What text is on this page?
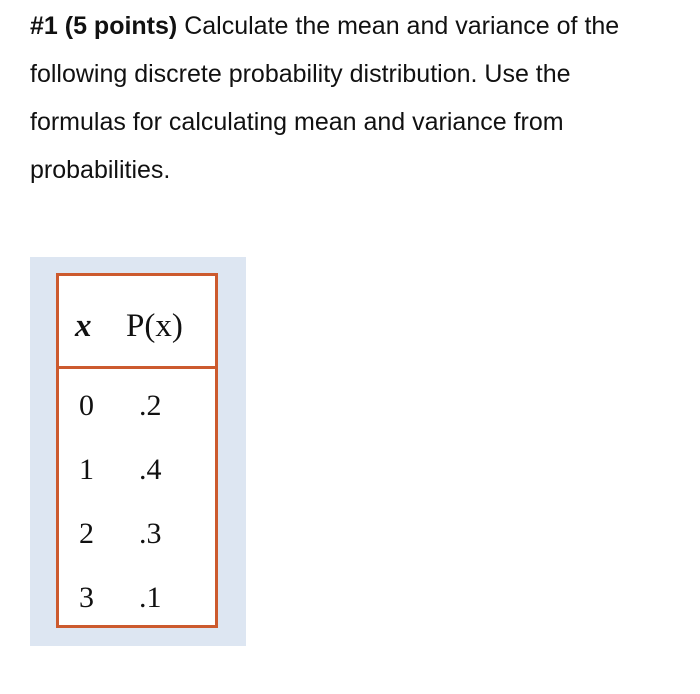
#1 (5 points) Calculate the mean and variance of the
following discrete probability distribution. Use the
formulas for calculating mean and variance from
probabilities.
x P(x)
0 .2
1 .4
2 .3
3 .1
